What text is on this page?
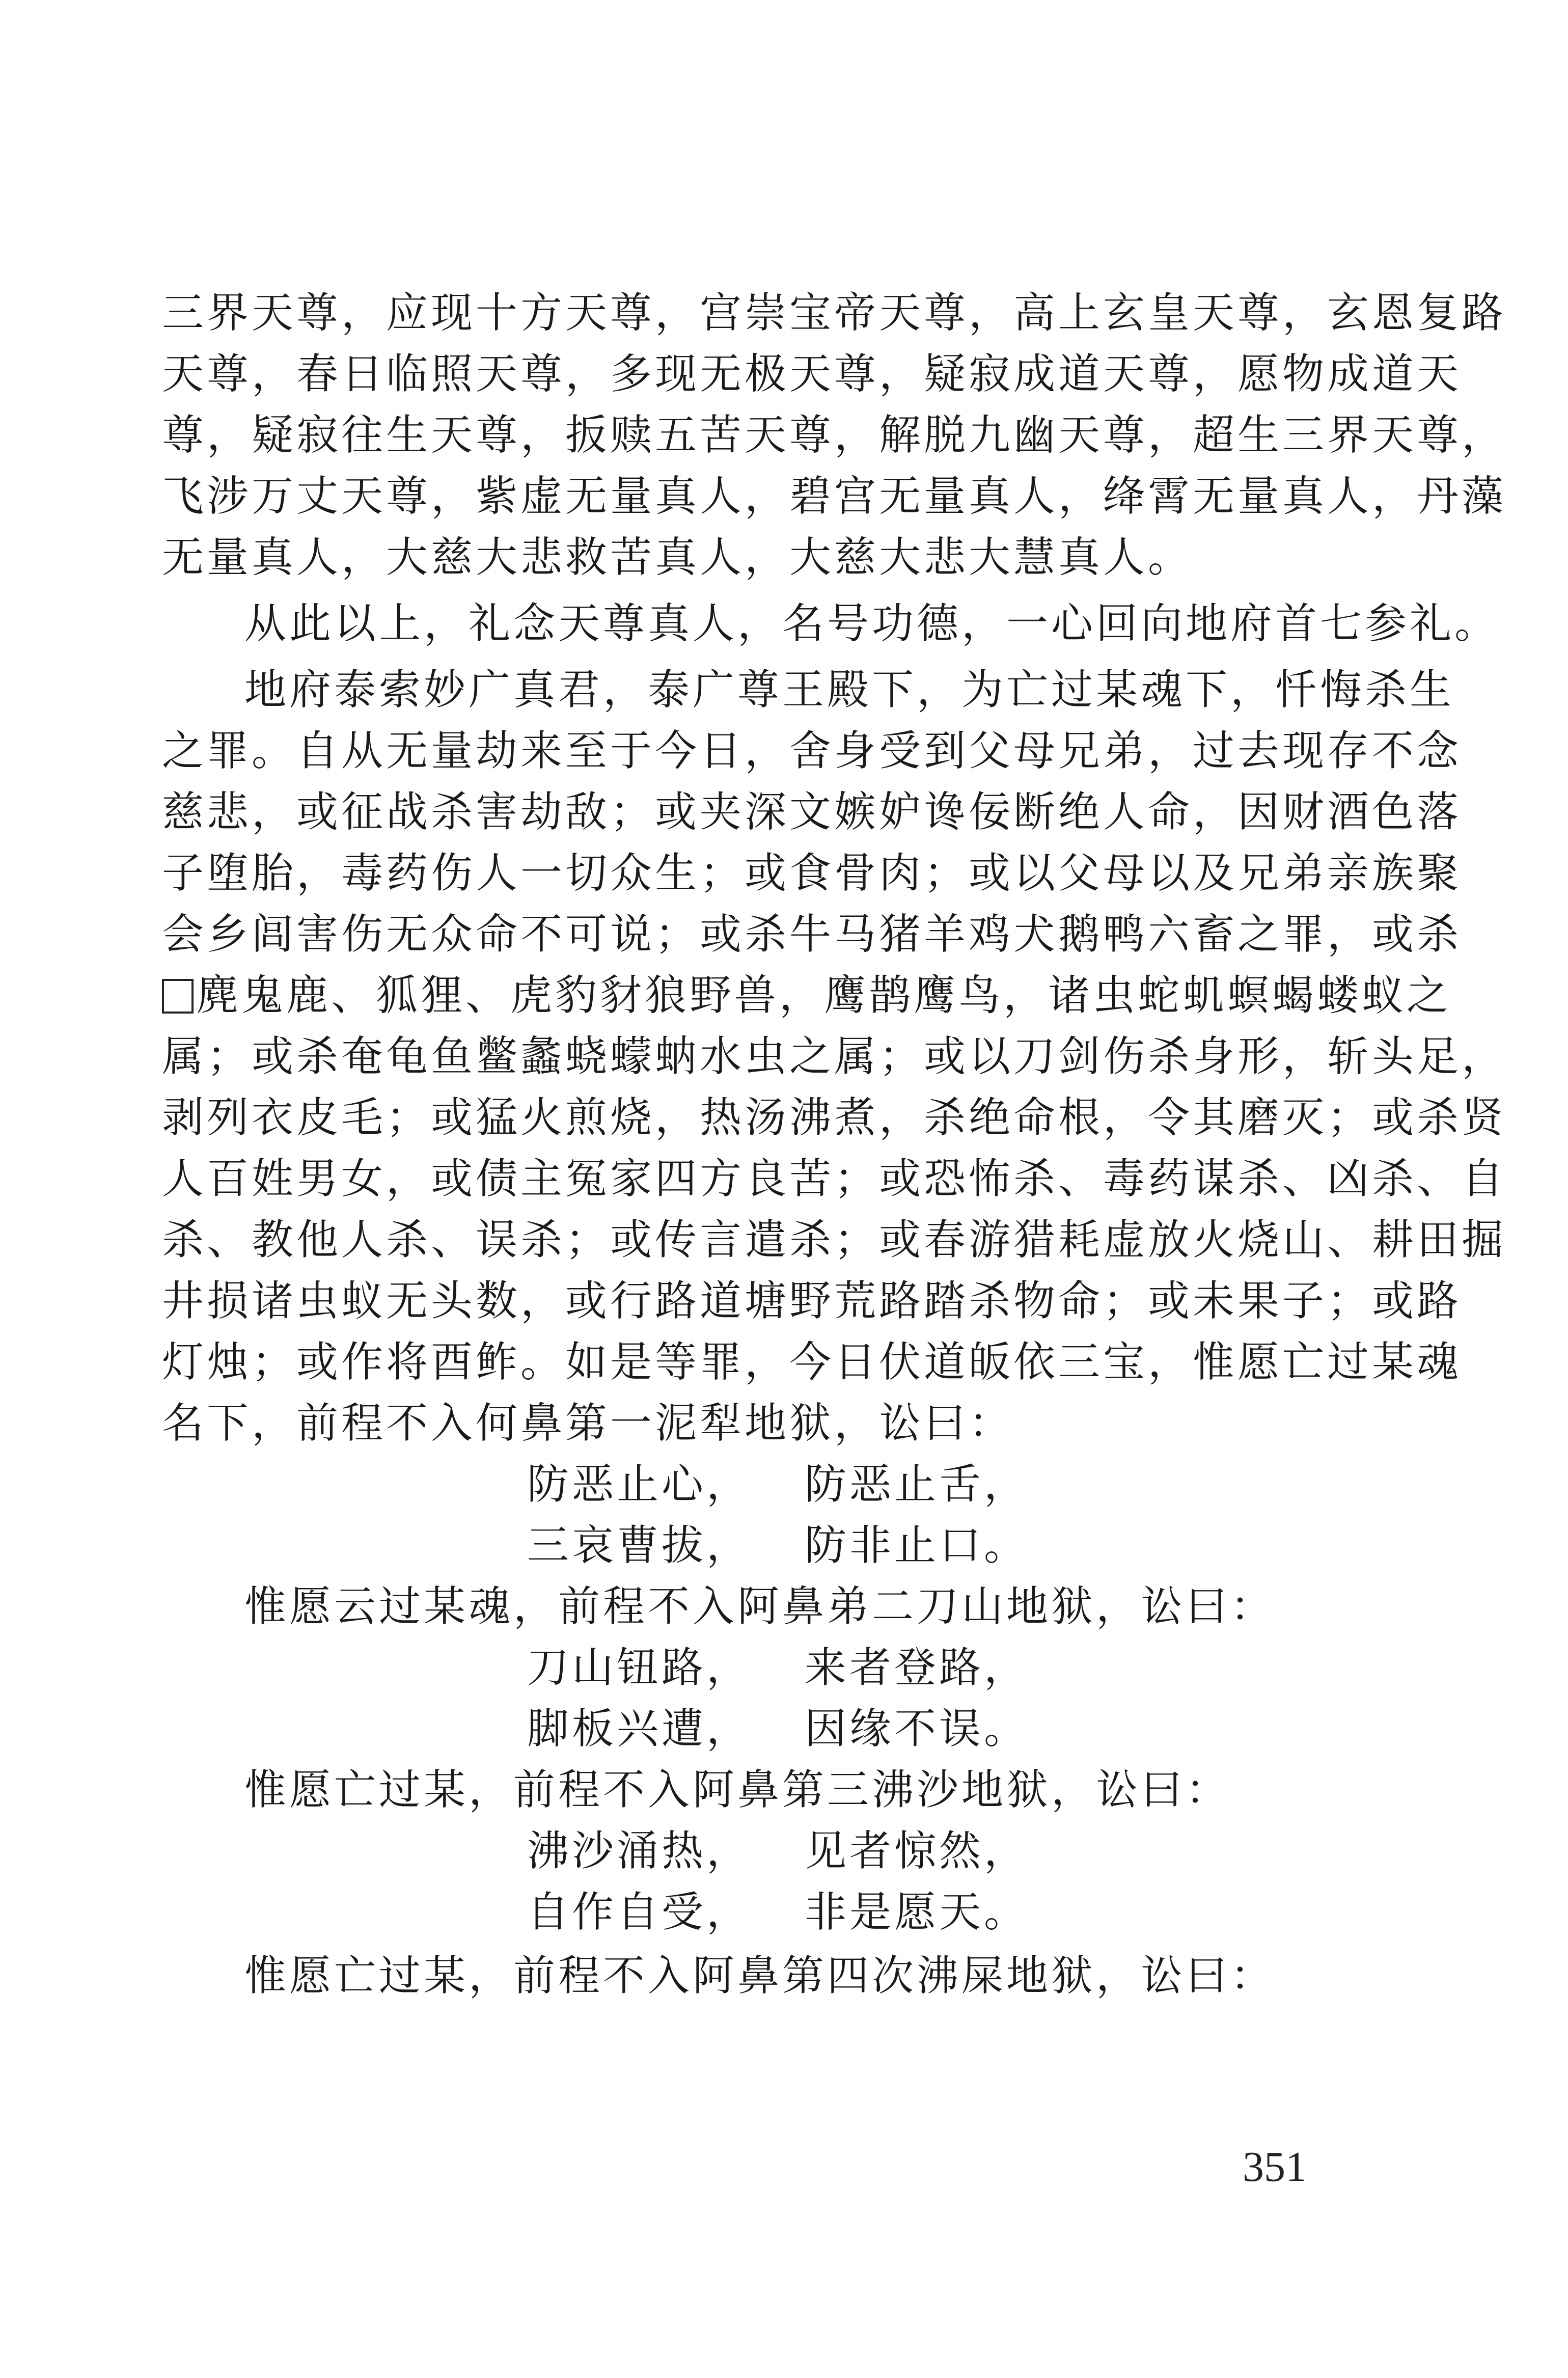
三界天尊，应现十方天尊，宫崇宝帝天尊，高上玄皇天尊，玄恩复路
天尊，春日临照天尊，多现无极天尊，疑寂成道天尊，愿物成道天
尊，疑寂往生天尊，扳赎五苦天尊，解脱九幽天尊，超生三界天尊，
飞涉万丈天尊，紫虚无量真人，碧宫无量真人，绛霄无量真人，丹藻
无量真人，大慈大悲救苦真人，大慈大悲大慧真人。
从此以上，礼念天尊真人，名号功德，一心回向地府首七参礼。
地府泰索妙广真君，泰广尊王殿下，为亡过某魂下，忏悔杀生
之罪。自从无量劫来至于今日，舍身受到父母兄弟，过去现存不念
慈悲，或征战杀害劫敌；或夹深文嫉妒谗佞断绝人命，因财酒色落
子堕胎，毒药伤人一切众生；或食骨肉；或以父母以及兄弟亲族聚
会乡闾害伤无众命不可说；或杀牛马猪羊鸡犬鹅鸭六畜之罪，或杀
麂鬼鹿、狐狸、虎豹豺狼野兽，鹰鹊鹰鸟，诸虫蛇虮螟蝎蝼蚁之
属；或杀奄龟鱼鳖蠡蛲蠓蚋水虫之属；或以刀剑伤杀身形，斩头足，
剥列衣皮毛；或猛火煎烧，热汤沸煮，杀绝命根，令其磨灭；或杀贤
人百姓男女，或债主冤家四方良苦；或恐怖杀、毒药谋杀、凶杀、自
杀、教他人杀、误杀；或传言遣杀；或春游猎耗虚放火烧山、耕田掘
井损诸虫蚁无头数，或行路道塘野荒路踏杀物命；或未果子；或路
灯烛；或作将酉鲊。如是等罪，今日伏道皈依三宝，惟愿亡过某魂
名下，前程不入何鼻第一泥犁地狱，讼曰：
防恶止心， 防恶止舌，
三哀曹拔， 防非止口。
惟愿云过某魂，前程不入阿鼻弟二刀山地狱，讼曰：
刀山钮路， 来者登路，
脚板兴遭， 因缘不误。
惟愿亡过某，前程不入阿鼻第三沸沙地狱，讼曰：
沸沙涌热， 见者惊然，
自作自受， 非是愿天。
惟愿亡过某，前程不入阿鼻第四次沸屎地狱，讼曰：
351
